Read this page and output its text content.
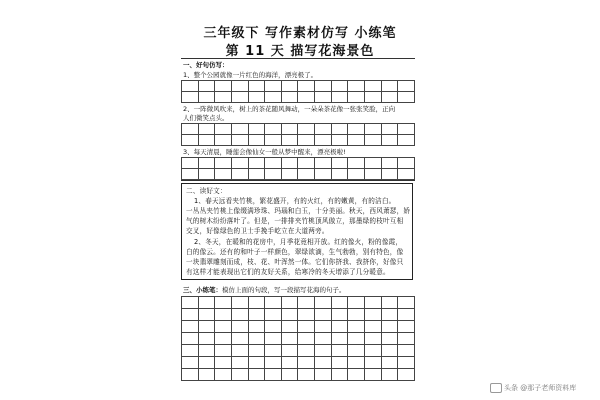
三年级下 写作素材仿写 小练笔
第 11 天 描写花海景色
一、好句仿写：
1、整个公园就像一片红色的海洋，漂亮极了。

2、一阵微风吹来，树上的茶花随风舞动，一朵朵茶花像一张张笑脸，正向
人们微笑点头。

3、每天清晨，睡莲会像仙女一般从梦中醒来，漂亮极啦!

二、读好文：

1、春天远看夹竹桃，繁花盛开，有的火红，有的嫩黄，有的洁白。

一丛丛夹竹桃上像缀满珍珠、玛瑙和白玉，十分美丽。秋天，西风萧瑟，娇

气的树木纷纷落叶了。但是，一排排夹竹桃顶风傲立，那墨绿的枝叶互相

交叉，好像绿色的卫士手挽手屹立在大道两旁。

2、冬天，在暖和的花房中，月季花竟相开放。红的像火，粉的像霞，

白的像云。还有的和叶子一样颜色，翠绿欲滴，生气勃勃，别有特色，像

一块翡翠雕刻而成，枝、花、叶浑然一体。它们你挤我、我挤你，好像只

有这样才能表现出它们的友好关系，给寒冷的冬天增添了几分暖意。

三、小练笔：模仿上面的句段，写一段描写花海的句子。

头条 @那子老师资料库
